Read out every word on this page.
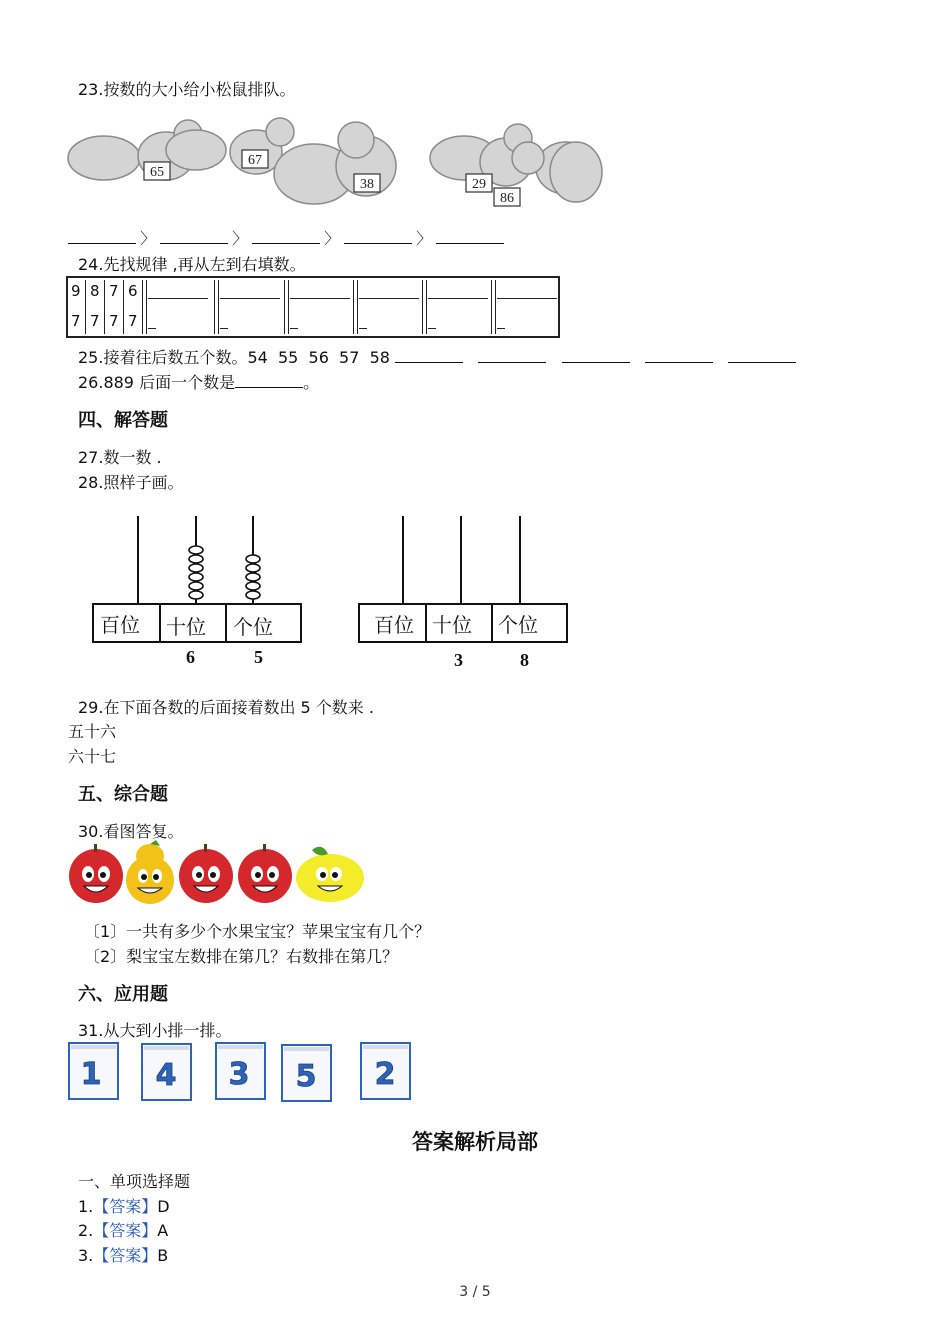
23.按数的大小给小松鼠排队。
65
67
38	29
86
〉	〉	〉	〉
24.先找规律 ,再从左到右填数。
9 8 7 6
7 7 7 7
25.接着往后数五个数。54 55 56 57 58
26.889 后面一个数是	。
四、解答题
27.数一数 .
28.照样子画。
百位 十位 个位
6	5
百位 十位 个位
3	8
29.在下面各数的后面接着数出 5 个数来 .
五十六
六十七
五、综合题
30.看图答复。
〔1〕一共有多少个水果宝宝？苹果宝宝有几个？
〔2〕梨宝宝左数排在第几？右数排在第几？
六、应用题
31.从大到小排一排。
1 4 3 5 2
答案解析局部
一、单项选择题
1.【答案】D
2.【答案】A
3.【答案】B
3 / 5
